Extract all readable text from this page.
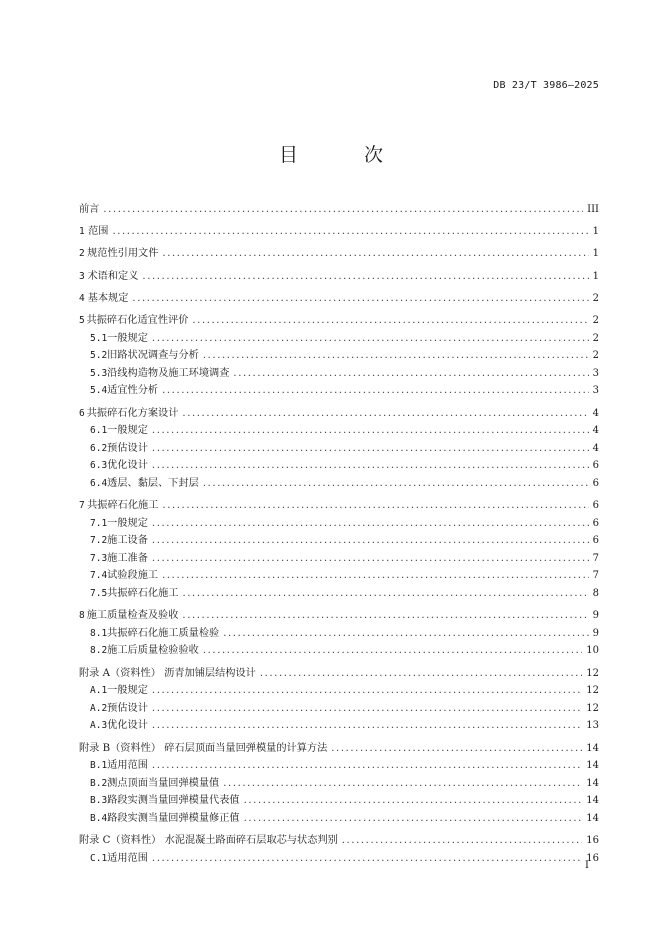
DB 23/T 3986—2025
目 次
前言 .....	III
1 范围 .....	1
2 规范性引用文件 .....	1
3 术语和定义 .....	1
4 基本规定 .....	2
5 共振碎石化适宜性评价 .....	2
5.1 一般规定 .....	2
5.2 旧路状况调查与分析 .....	2
5.3 沿线构造物及施工环境调查 .....	3
5.4 适宜性分析 .....	3
6 共振碎石化方案设计 .....	4
6.1 一般规定 .....	4
6.2 预估设计 .....	4
6.3 优化设计 .....	6
6.4 透层、黏层、下封层 .....	6
7 共振碎石化施工 .....	6
7.1 一般规定 .....	6
7.2 施工设备 .....	6
7.3 施工准备 .....	7
7.4 试验段施工 .....	7
7.5 共振碎石化施工 .....	8
8 施工质量检查及验收 .....	9
8.1 共振碎石化施工质量检验 .....	9
8.2 施工后质量检验验收 .....	10
附录 A（资料性） 沥青加铺层结构设计 .....	12
A.1 一般规定 .....	12
A.2 预估设计 .....	12
A.3 优化设计 .....	13
附录 B（资料性） 碎石层顶面当量回弹模量的计算方法 .....	14
B.1 适用范围 .....	14
B.2 测点顶面当量回弹模量值 .....	14
B.3 路段实测当量回弹模量代表值 .....	14
B.4 路段实测当量回弹模量修正值 .....	14
附录 C（资料性） 水泥混凝土路面碎石层取芯与状态判别 .....	16
C.1 适用范围 .....	16
I
